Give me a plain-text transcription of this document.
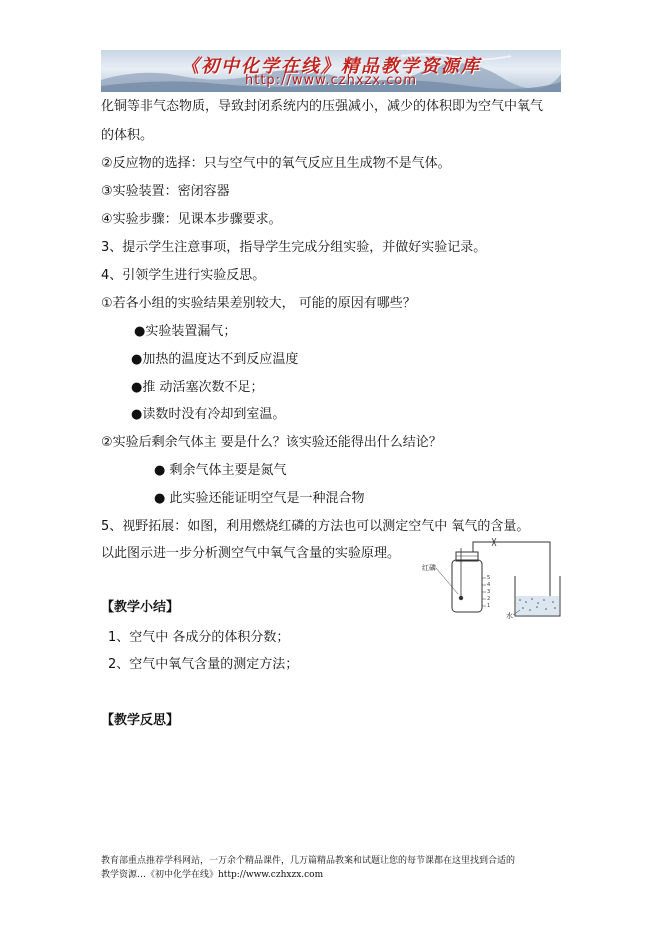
《初中化学在线》精品教学资源库
http://www.czhxzx.com
化铜等非气态物质，导致封闭系统内的压强减小，减少的体积即为空气中氧气
的体积。
②反应物的选择：只与空气中的氧气反应且生成物不是气体。
③实验装置：密闭容器
④实验步骤：见课本步骤要求。
3、提示学生注意事项，指导学生完成分组实验，并做好实验记录。
4、引领学生进行实验反思。
①若各小组的实验结果差别较大， 可能的原因有哪些？
●实验装置漏气；
●加热的温度达不到反应温度
●推 动活塞次数不足；
●读数时没有冷却到室温。
②实验后剩余气体主 要是什么？该实验还能得出什么结论？
● 剩余气体主要是氮气
● 此实验还能证明空气是一种混合物
5、视野拓展：如图，利用燃烧红磷的方法也可以测定空气中 氧气的含量。
以此图示进一步分析测空气中氧气含量的实验原理。
5
4
3
2
1
红磷
水
【教学小结】
1、空气中 各成分的体积分数；
2、空气中氧气含量的测定方法；
【教学反思】
教育部重点推荐学科网站，一万余个精品课件，几万篇精品教案和试题让您的每节课都在这里找到合适的
教学资源…《初中化学在线》http://www.czhxzx.com
